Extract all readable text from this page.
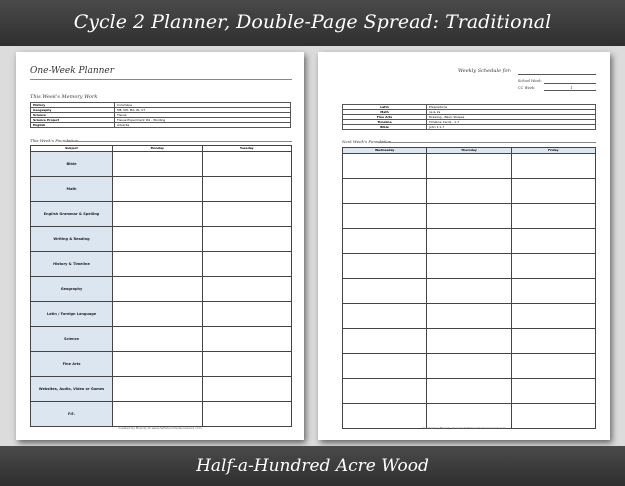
Cycle 2 Planner, Double-Page Spread: Traditional
One-Week Planner
This Week's Memory Work
History	Columbus
Geography	ME, NH, MA, RI, VT
Science	Tissue
Science Project	Tissue Experiment #4 - Winding
English	Adverbs
This Week's Foundation
Subject	Monday	Tuesday
Bible		
Math		
English Grammar & Spelling		
Writing & Reading		
History & Timeline		
Geography		
Latin / Foreign Language		
Science		
Fine Arts		
Websites, Audio, Video or Games		
P.E.		
Created by Brandy at www.halfahundredacrewood.com
Weekly Schedule for:
School Week:
CC Week:	1
Latin	Prepositions
Math	1s & 2s
Fine Arts	Drawing - Basic Shapes
Timeline	Timeline Cards - 1-7
Bible	John 1:1-7
Next Week's Foundation
Wednesday	Thursday	Friday

Created by Brandy at www.halfahundredacrewood.com
Half-a-Hundred Acre Wood
